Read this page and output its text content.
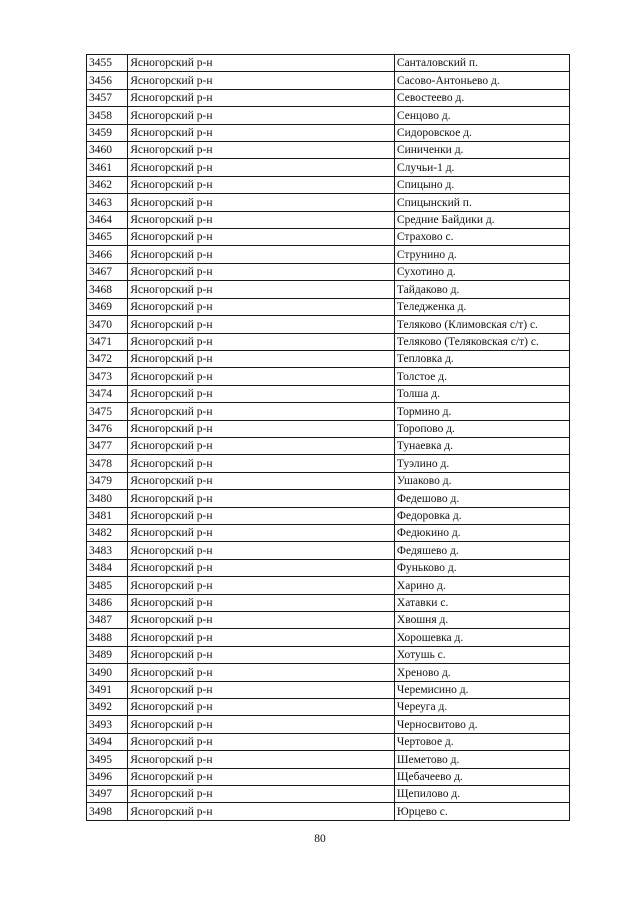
3455	Ясногорский р-н	Санталовский п.
3456	Ясногорский р-н	Сасово-Антоньево д.
3457	Ясногорский р-н	Севостеево д.
3458	Ясногорский р-н	Сенцово д.
3459	Ясногорский р-н	Сидоровское д.
3460	Ясногорский р-н	Синиченки д.
3461	Ясногорский р-н	Случьи-1 д.
3462	Ясногорский р-н	Спицыно д.
3463	Ясногорский р-н	Спицынский п.
3464	Ясногорский р-н	Средние Байдики д.
3465	Ясногорский р-н	Страхово с.
3466	Ясногорский р-н	Струнино д.
3467	Ясногорский р-н	Сухотино д.
3468	Ясногорский р-н	Тайдаково д.
3469	Ясногорский р-н	Теледженка д.
3470	Ясногорский р-н	Теляково (Климовская с/т) с.
3471	Ясногорский р-н	Теляково (Теляковская с/т) с.
3472	Ясногорский р-н	Тепловка д.
3473	Ясногорский р-н	Толстое д.
3474	Ясногорский р-н	Толша д.
3475	Ясногорский р-н	Тормино д.
3476	Ясногорский р-н	Торопово д.
3477	Ясногорский р-н	Тунаевка д.
3478	Ясногорский р-н	Туэлино д.
3479	Ясногорский р-н	Ушаково д.
3480	Ясногорский р-н	Федешово д.
3481	Ясногорский р-н	Федоровка д.
3482	Ясногорский р-н	Федюкино д.
3483	Ясногорский р-н	Федяшево д.
3484	Ясногорский р-н	Фуньково д.
3485	Ясногорский р-н	Харино д.
3486	Ясногорский р-н	Хатавки с.
3487	Ясногорский р-н	Хвошня д.
3488	Ясногорский р-н	Хорошевка д.
3489	Ясногорский р-н	Хотушь с.
3490	Ясногорский р-н	Хреново д.
3491	Ясногорский р-н	Черемисино д.
3492	Ясногорский р-н	Череуга д.
3493	Ясногорский р-н	Черносвитово д.
3494	Ясногорский р-н	Чертовое д.
3495	Ясногорский р-н	Шеметово д.
3496	Ясногорский р-н	Щебачеево д.
3497	Ясногорский р-н	Щепилово д.
3498	Ясногорский р-н	Юрцево с.
80
